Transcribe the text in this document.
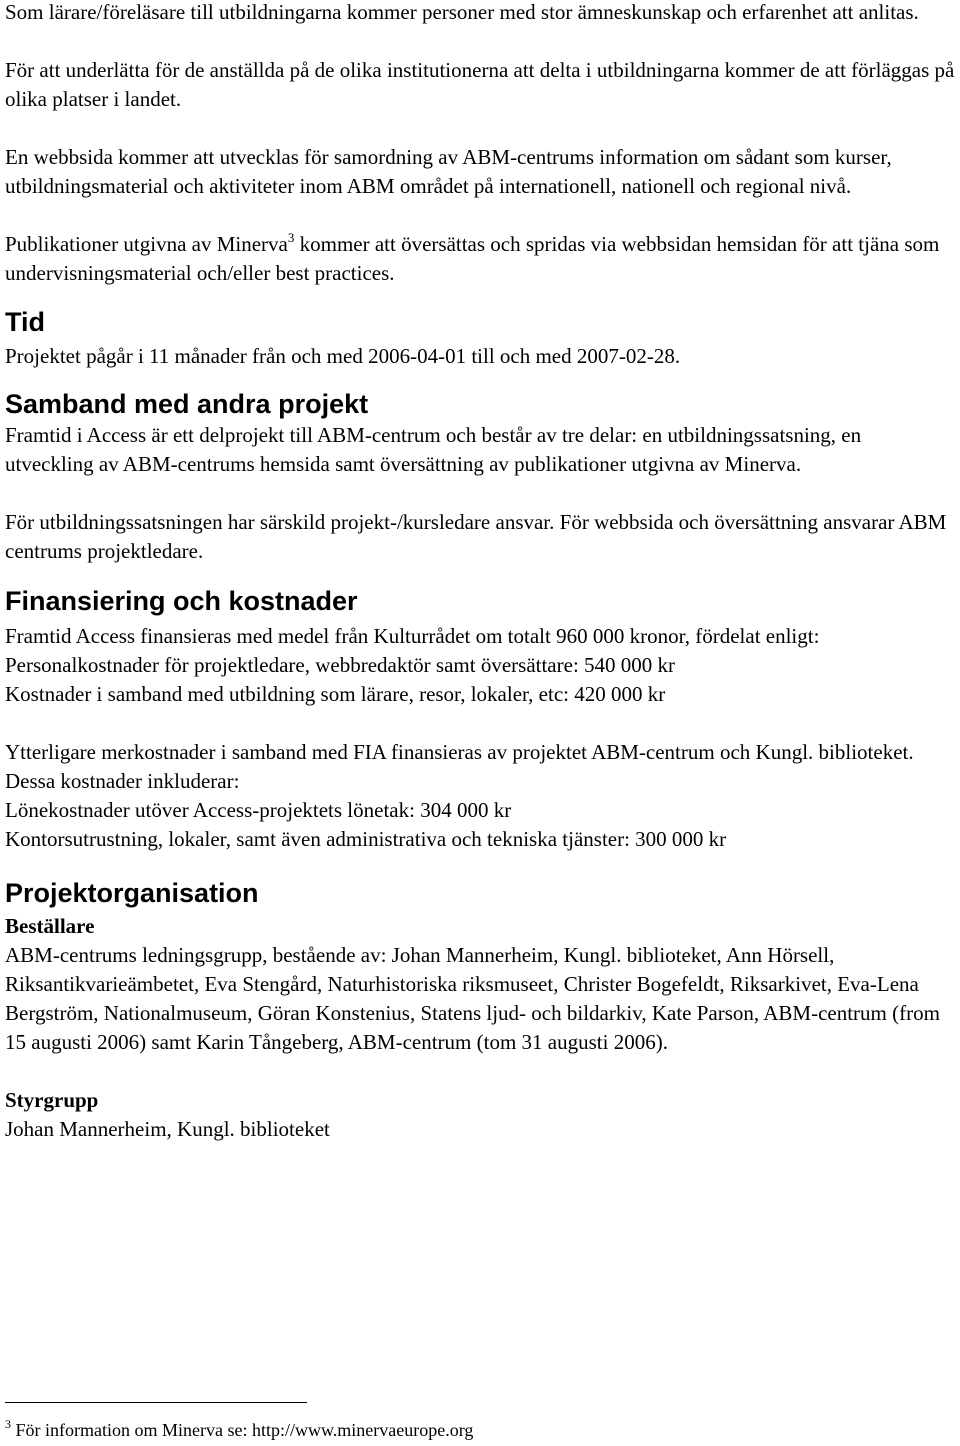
Som lärare/föreläsare till utbildningarna kommer personer med stor ämneskunskap och erfarenhet att anlitas.

För att underlätta för de anställda på de olika institutionerna att delta i utbildningarna kommer de att förläggas på olika platser i landet.

En webbsida kommer att utvecklas för samordning av ABM-centrums information om sådant som kurser, utbildningsmaterial och aktiviteter inom ABM området på internationell, nationell och regional nivå.

Publikationer utgivna av Minerva$^3$ kommer att översättas och spridas via webbsidan hemsidan för att tjäna som undervisningsmaterial och/eller best practices.

Tid

Projektet pågår i 11 månader från och med 2006-04-01 till och med 2007-02-28.

Samband med andra projekt

Framtid i Access är ett delprojekt till ABM-centrum och består av tre delar: en utbildningssatsning, en utveckling av ABM-centrums hemsida samt översättning av publikationer utgivna av Minerva.

För utbildningssatsningen har särskild projekt-/kursledare ansvar. För webbsida och översättning ansvarar ABM centrums projektledare.

Finansiering och kostnader

Framtid Access finansieras med medel från Kulturrådet om totalt 960 000 kronor, fördelat enligt:

Personalkostnader för projektledare, webbredaktör samt översättare: 540 000 kr

Kostnader i samband med utbildning som lärare, resor, lokaler, etc: 420 000 kr

Ytterligare merkostnader i samband med FIA finansieras av projektet ABM-centrum och Kungl. biblioteket. Dessa kostnader inkluderar:

Lönekostnader utöver Access-projektets lönetak: 304 000 kr

Kontorsutrustning, lokaler, samt även administrativa och tekniska tjänster: 300 000 kr

Projektorganisation
Beställare

ABM-centrums ledningsgrupp, bestående av: Johan Mannerheim, Kungl. biblioteket, Ann Hörsell, Riksantikvarieämbetet, Eva Stengård, Naturhistoriska riksmuseet, Christer Bogefeldt, Riksarkivet, Eva-Lena Bergström, Nationalmuseum, Göran Konstenius, Statens ljud- och bildarkiv, Kate Parson, ABM-centrum (from 15 augusti 2006) samt Karin Tångeberg, ABM-centrum (tom 31 augusti 2006).

Styrgrupp

Johan Mannerheim, Kungl. biblioteket

$^3$ För information om Minerva se: http://www.minervaeurope.org
